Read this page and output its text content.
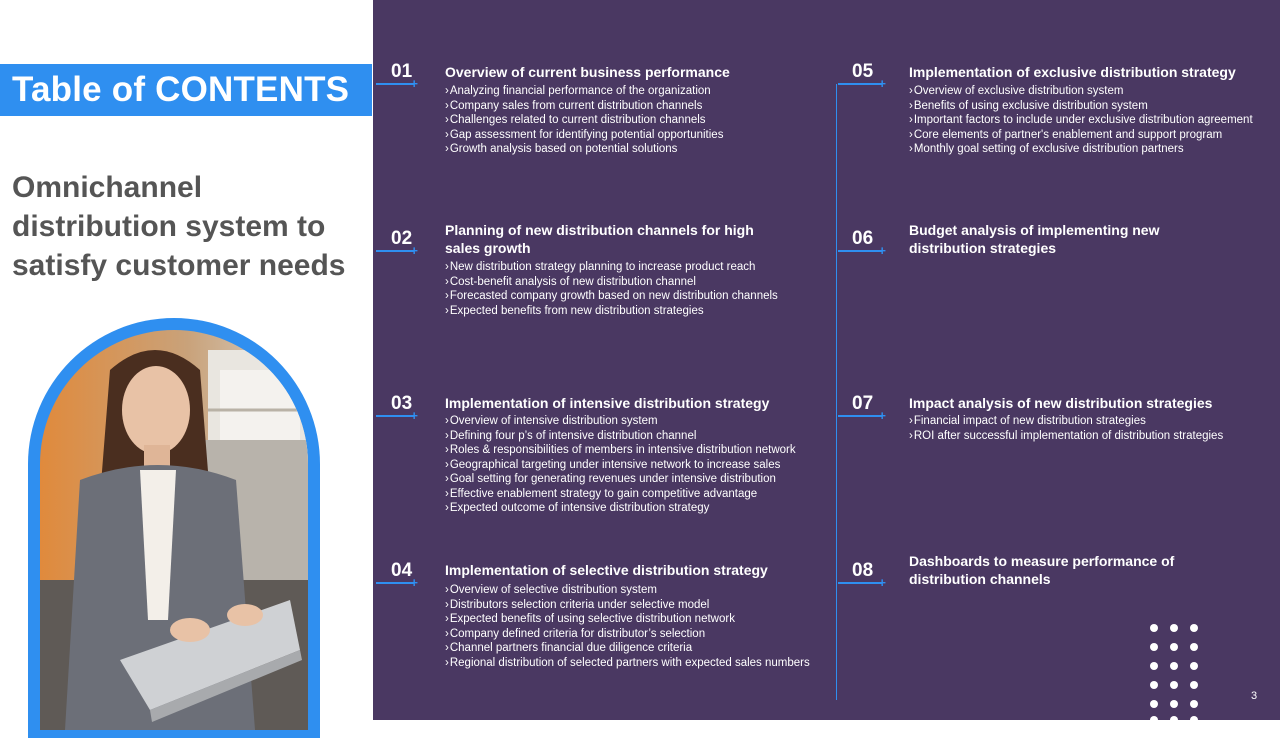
Table of CONTENTS
Omnichannel distribution system to satisfy customer needs
01
+
Overview of current business performance
› Analyzing financial performance of the organization
› Company sales from current distribution channels
› Challenges related to current distribution channels
› Gap assessment for identifying potential opportunities
› Growth analysis based on potential solutions
02
+
Planning of new distribution channels for high sales growth
› New distribution strategy planning to increase product reach
› Cost-benefit analysis of new distribution channel
› Forecasted company growth based on new distribution channels
› Expected benefits from new distribution strategies
03
+
Implementation of intensive distribution strategy
› Overview of intensive distribution system
› Defining four p’s of intensive distribution channel
› Roles & responsibilities of members in intensive distribution network
› Geographical targeting under intensive network to increase sales
› Goal setting for generating revenues under intensive distribution
› Effective enablement strategy to gain competitive advantage
› Expected outcome of intensive distribution strategy
04
+
Implementation of selective distribution strategy
› Overview of selective distribution system
› Distributors selection criteria under selective model
› Expected benefits of using selective distribution network
› Company defined criteria for distributor’s selection
› Channel partners financial due diligence criteria
› Regional distribution of selected partners with expected sales numbers
05
+
Implementation of exclusive distribution strategy
› Overview of exclusive distribution system
› Benefits of using exclusive distribution system
› Important factors to include under exclusive distribution agreement
› Core elements of partner's enablement and support program
› Monthly goal setting of exclusive distribution partners
06
+
Budget analysis of implementing new distribution strategies
07
+
Impact analysis of new distribution strategies
› Financial impact of new distribution strategies
› ROI after successful implementation of distribution strategies
08
+
Dashboards to measure performance of distribution channels
3
